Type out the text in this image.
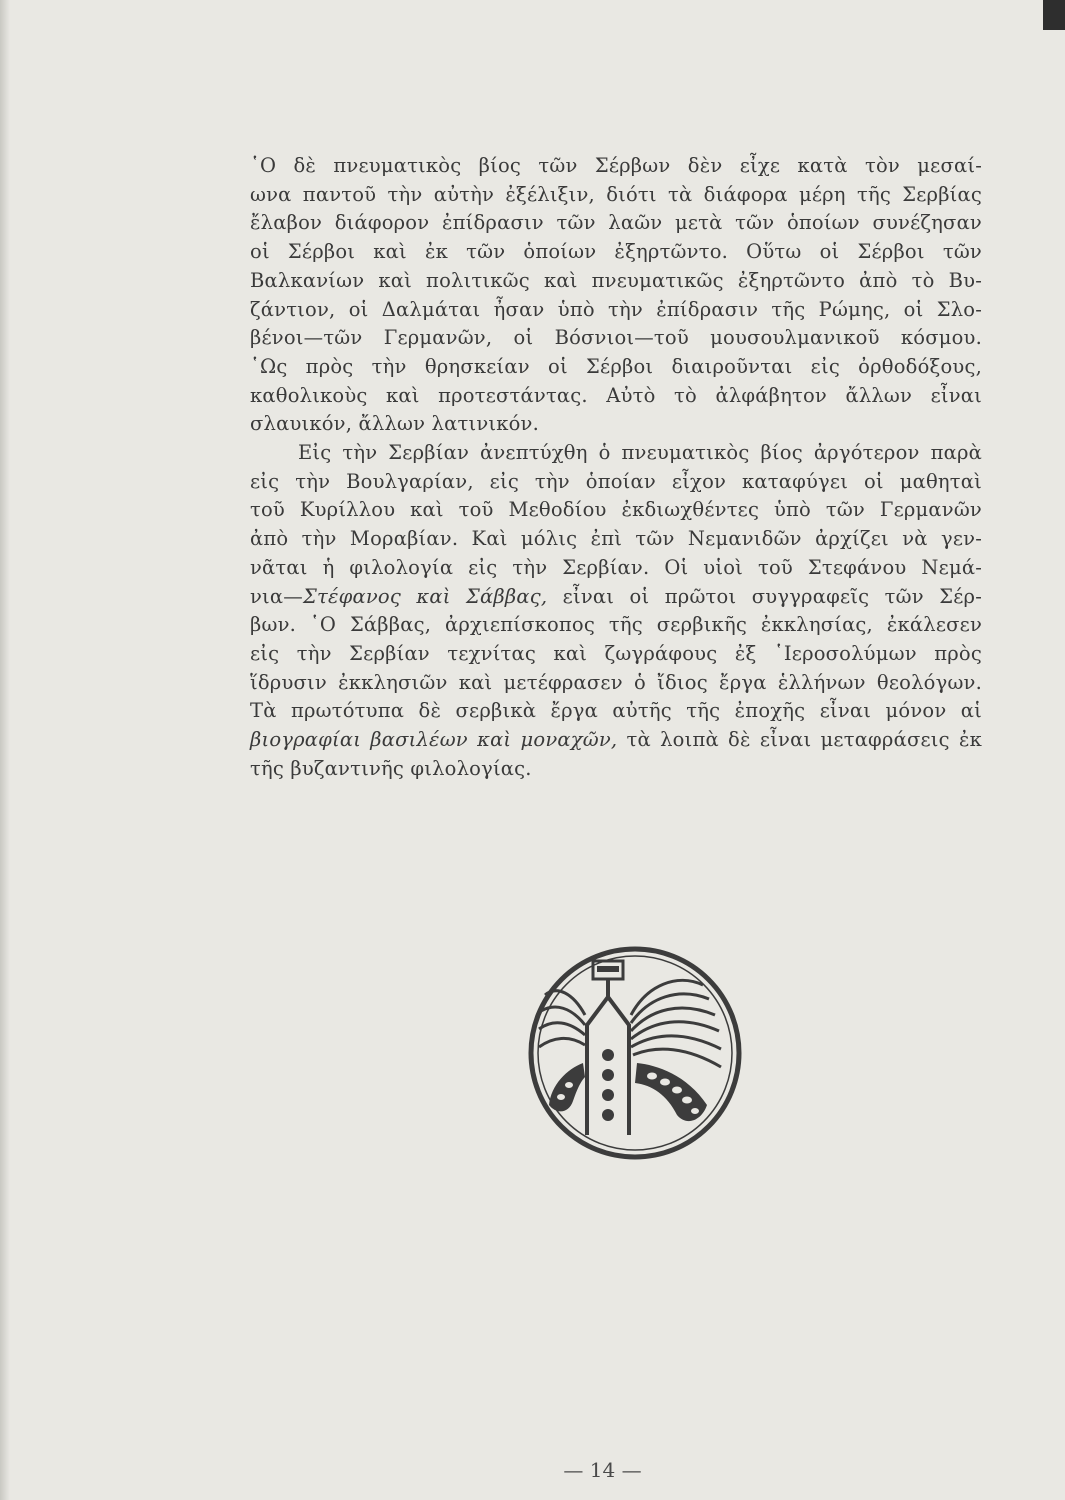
῾Ο δὲ πνευματικὸς βίος τῶν Σέρβων δὲν εἶχε κατὰ τὸν μεσαί-
ωνα παντοῦ τὴν αὐτὴν ἐξέλιξιν, διότι τὰ διάφορα μέρη τῆς Σερβίας
ἔλαβον διάφορον ἐπίδρασιν τῶν λαῶν μετὰ τῶν ὁποίων συνέζησαν
οἱ Σέρβοι καὶ ἐκ τῶν ὁποίων ἐξηρτῶντο. Οὕτω οἱ Σέρβοι τῶν
Βαλκανίων καὶ πολιτικῶς καὶ πνευματικῶς ἐξηρτῶντο ἀπὸ τὸ Βυ-
ζάντιον, οἱ Δαλμάται ἦσαν ὑπὸ τὴν ἐπίδρασιν τῆς Ρώμης, οἱ Σλο-
βένοι—τῶν Γερμανῶν, οἱ Βόσνιοι—τοῦ μουσουλμανικοῦ κόσμου.
῾Ως πρὸς τὴν θρησκείαν οἱ Σέρβοι διαιροῦνται εἰς ὀρθοδόξους,
καθολικοὺς καὶ προτεστάντας. Αὐτὸ τὸ ἀλφάβητον ἄλλων εἶναι
σλαυικόν, ἄλλων λατινικόν.

Εἰς τὴν Σερβίαν ἀνεπτύχθη ὁ πνευματικὸς βίος ἀργότερον παρὰ
εἰς τὴν Βουλγαρίαν, εἰς τὴν ὁποίαν εἶχον καταφύγει οἱ μαθηταὶ
τοῦ Κυρίλλου καὶ τοῦ Μεθοδίου ἐκδιωχθέντες ὑπὸ τῶν Γερμανῶν
ἀπὸ τὴν Μοραβίαν. Καὶ μόλις ἐπὶ τῶν Νεμανιδῶν ἀρχίζει νὰ γεν-
νᾶται ἡ φιλολογία εἰς τὴν Σερβίαν. Οἱ υἱοὶ τοῦ Στεφάνου Νεμά-
νια—Στέφανος καὶ Σάββας, εἶναι οἱ πρῶτοι συγγραφεῖς τῶν Σέρ-
βων. ῾Ο Σάββας, ἀρχιεπίσκοπος τῆς σερβικῆς ἐκκλησίας, ἐκάλεσεν
εἰς τὴν Σερβίαν τεχνίτας καὶ ζωγράφους ἐξ ῾Ιεροσολύμων πρὸς
ἵδρυσιν ἐκκλησιῶν καὶ μετέφρασεν ὁ ἴδιος ἔργα ἑλλήνων θεολόγων.
Τὰ πρωτότυπα δὲ σερβικὰ ἔργα αὐτῆς τῆς ἐποχῆς εἶναι μόνον αἱ
βιογραφίαι βασιλέων καὶ μοναχῶν, τὰ λοιπὰ δὲ εἶναι μεταφράσεις ἐκ
τῆς βυζαντινῆς φιλολογίας.

— 14 —
